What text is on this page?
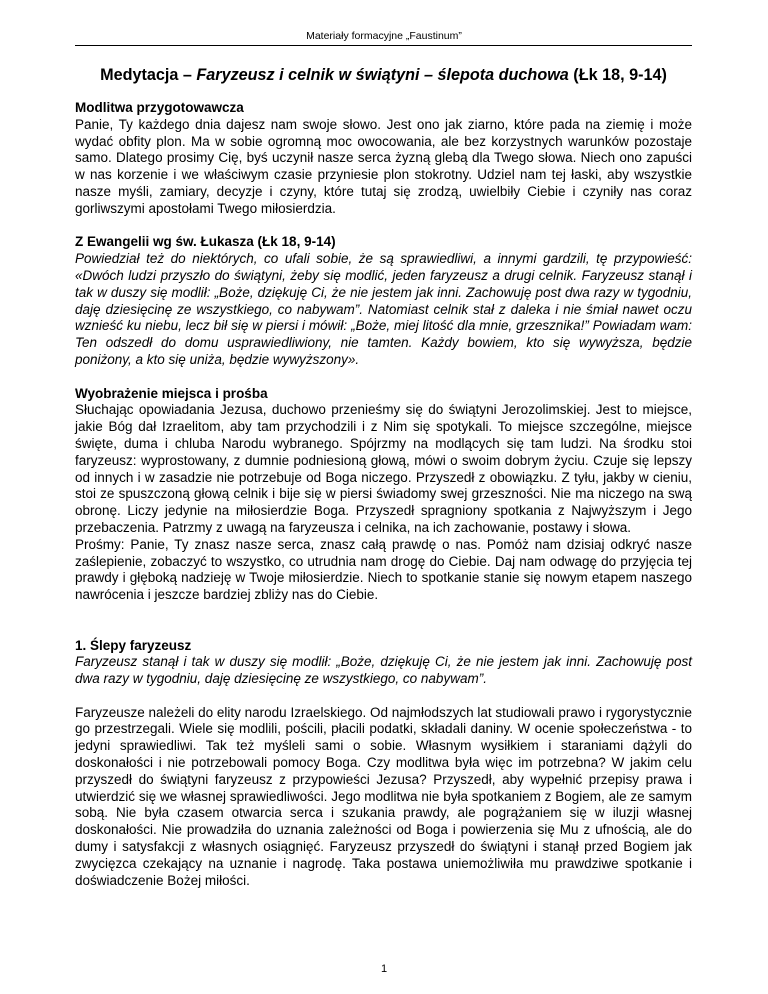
Materiały formacyjne „Faustinum”
Medytacja – Faryzeusz i celnik w świątyni – ślepota duchowa (Łk 18, 9-14)
Modlitwa przygotowawcza
Panie, Ty każdego dnia dajesz nam swoje słowo. Jest ono jak ziarno, które pada na ziemię i może wydać obfity plon. Ma w sobie ogromną moc owocowania, ale bez korzystnych warunków pozostaje samo. Dlatego prosimy Cię, byś uczynił nasze serca żyzną glebą dla Twego słowa. Niech ono zapuści w nas korzenie i we właściwym czasie przyniesie plon stokrotny. Udziel nam tej łaski, aby wszystkie nasze myśli, zamiary, decyzje i czyny, które tutaj się zrodzą, uwielbiły Ciebie i czyniły nas coraz gorliwszymi apostołami Twego miłosierdzia.
Z Ewangelii wg św. Łukasza (Łk 18, 9-14)
Powiedział też do niektórych, co ufali sobie, że są sprawiedliwi, a innymi gardzili, tę przypowieść: «Dwóch ludzi przyszło do świątyni, żeby się modlić, jeden faryzeusz a drugi celnik. Faryzeusz stanął i tak w duszy się modlił: „Boże, dziękuję Ci, że nie jestem jak inni. Zachowuję post dwa razy w tygodniu, daję dziesięcinę ze wszystkiego, co nabywam”. Natomiast celnik stał z daleka i nie śmiał nawet oczu wznieść ku niebu, lecz bił się w piersi i mówił: „Boże, miej litość dla mnie, grzesznika!” Powiadam wam: Ten odszedł do domu usprawiedliwiony, nie tamten. Każdy bowiem, kto się wywyższa, będzie poniżony, a kto się uniża, będzie wywyższony».
Wyobrażenie miejsca i prośba
Słuchając opowiadania Jezusa, duchowo przenieśmy się do świątyni Jerozolimskiej. Jest to miejsce, jakie Bóg dał Izraelitom, aby tam przychodzili i z Nim się spotykali. To miejsce szczególne, miejsce święte, duma i chluba Narodu wybranego. Spójrzmy na modlących się tam ludzi. Na środku stoi faryzeusz: wyprostowany, z dumnie podniesioną głową, mówi o swoim dobrym życiu. Czuje się lepszy od innych i w zasadzie nie potrzebuje od Boga niczego. Przyszedł z obowiązku. Z tyłu, jakby w cieniu, stoi ze spuszczoną głową celnik i bije się w piersi świadomy swej grzeszności. Nie ma niczego na swą obronę. Liczy jedynie na miłosierdzie Boga. Przyszedł spragniony spotkania z Najwyższym i Jego przebaczenia. Patrzmy z uwagą na faryzeusza i celnika, na ich zachowanie, postawy i słowa.
Prośmy: Panie, Ty znasz nasze serca, znasz całą prawdę o nas. Pomóż nam dzisiaj odkryć nasze zaślepienie, zobaczyć to wszystko, co utrudnia nam drogę do Ciebie. Daj nam odwagę do przyjęcia tej prawdy i głęboką nadzieję w Twoje miłosierdzie. Niech to spotkanie stanie się nowym etapem naszego nawrócenia i jeszcze bardziej zbliży nas do Ciebie.
1. Ślepy faryzeusz
Faryzeusz stanął i tak w duszy się modlił: „Boże, dziękuję Ci, że nie jestem jak inni. Zachowuję post dwa razy w tygodniu, daję dziesięcinę ze wszystkiego, co nabywam”.
Faryzeusze należeli do elity narodu Izraelskiego. Od najmłodszych lat studiowali prawo i rygorystycznie go przestrzegali. Wiele się modlili, pościli, płacili podatki, składali daniny. W ocenie społeczeństwa - to jedyni sprawiedliwi. Tak też myśleli sami o sobie. Własnym wysiłkiem i staraniami dążyli do doskonałości i nie potrzebowali pomocy Boga. Czy modlitwa była więc im potrzebna? W jakim celu przyszedł do świątyni faryzeusz z przypowieści Jezusa? Przyszedł, aby wypełnić przepisy prawa i utwierdzić się we własnej sprawiedliwości. Jego modlitwa nie była spotkaniem z Bogiem, ale ze samym sobą. Nie była czasem otwarcia serca i szukania prawdy, ale pogrążaniem się w iluzji własnej doskonałości. Nie prowadziła do uznania zależności od Boga i powierzenia się Mu z ufnością, ale do dumy i satysfakcji z własnych osiągnięć. Faryzeusz przyszedł do świątyni i stanął przed Bogiem jak zwycięzca czekający na uznanie i nagrodę. Taka postawa uniemożliwiła mu prawdziwe spotkanie i doświadczenie Bożej miłości.
1
